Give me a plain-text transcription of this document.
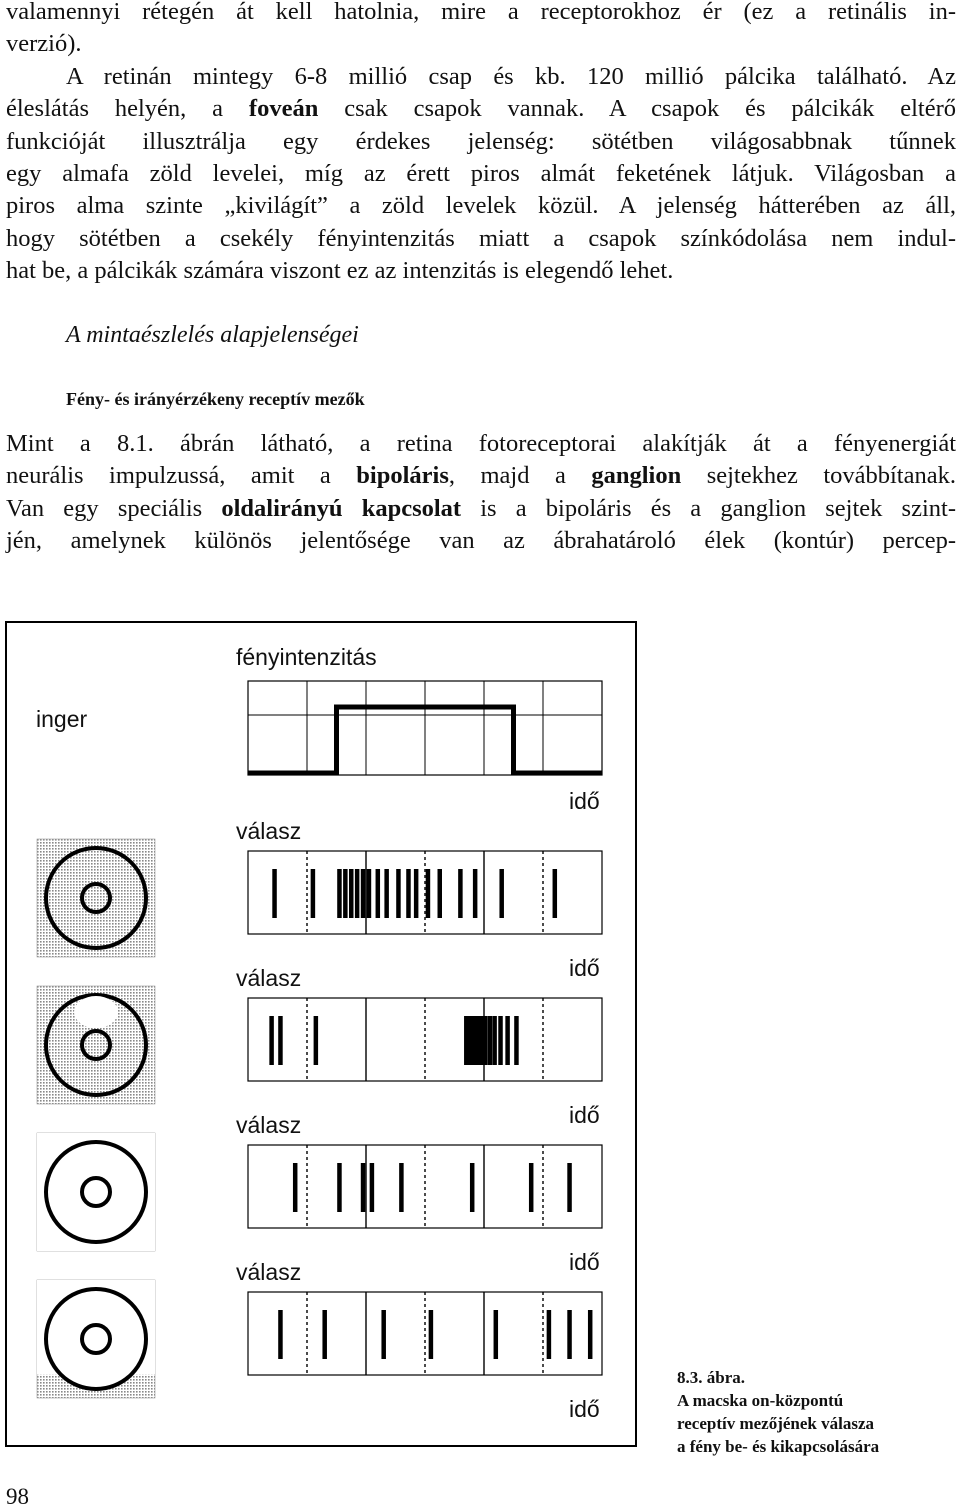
valamennyi rétegén át kell hatolnia, mire a receptorokhoz ér (ez a retinális in-

verzió).

A retinán mintegy 6-8 millió csap és kb. 120 millió pálcika található. Az

éleslátás helyén, a foveán csak csapok vannak. A csapok és pálcikák eltérő

funkcióját illusztrálja egy érdekes jelenség: sötétben világosabbnak tűnnek

egy almafa zöld levelei, míg az érett piros almát feketének látjuk. Világosban a

piros alma szinte „kivilágít” a zöld levelek közül. A jelenség hátterében az áll,

hogy sötétben a csekély fényintenzitás miatt a csapok színkódolása nem indul-

hat be, a pálcikák számára viszont ez az intenzitás is elegendő lehet.

A mintaészlelés alapjelenségei
Fény- és irányérzékeny receptív mezők

Mint a 8.1. ábrán látható, a retina fotoreceptorai alakítják át a fényenergiát

neurális impulzussá, amit a bipoláris, majd a ganglion sejtekhez továbbítanak.

Van egy speciális oldalirányú kapcsolat is a bipoláris és a ganglion sejtek szint-

jén, amelynek különös jelentősége van az ábrahatároló élek (kontúr) percep-

fényintenzitás
inger
idő
válasz
idő
válasz
idő
válasz
idő
válasz
idő
8.3. ábra.
A macska on-központú
receptív mezőjének válasza
a fény be- és kikapcsolására
98
